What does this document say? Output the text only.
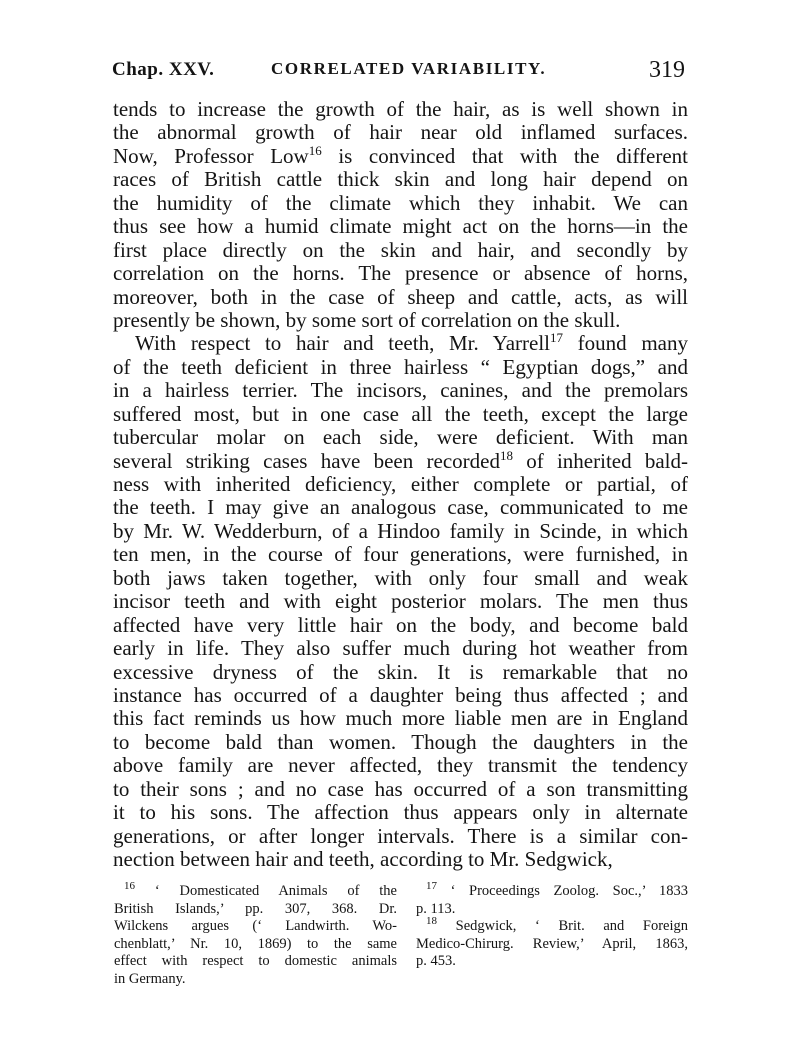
Chap. XXV.	CORRELATED VARIABILITY.	319
tends to increase the growth of the hair, as is well shown in
the abnormal growth of hair near old inflamed surfaces.
Now, Professor Low$^{16}$ is convinced that with the different
races of British cattle thick skin and long hair depend on
the humidity of the climate which they inhabit. We can
thus see how a humid climate might act on the horns—in the
first place directly on the skin and hair, and secondly by
correlation on the horns. The presence or absence of horns,
moreover, both in the case of sheep and cattle, acts, as will
presently be shown, by some sort of correlation on the skull.
With respect to hair and teeth, Mr. Yarrell$^{17}$ found many
of the teeth deficient in three hairless “ Egyptian dogs,” and
in a hairless terrier. The incisors, canines, and the premolars
suffered most, but in one case all the teeth, except the large
tubercular molar on each side, were deficient. With man
several striking cases have been recorded$^{18}$ of inherited bald-
ness with inherited deficiency, either complete or partial, of
the teeth. I may give an analogous case, communicated to me
by Mr. W. Wedderburn, of a Hindoo family in Scinde, in which
ten men, in the course of four generations, were furnished, in
both jaws taken together, with only four small and weak
incisor teeth and with eight posterior molars. The men thus
affected have very little hair on the body, and become bald
early in life. They also suffer much during hot weather from
excessive dryness of the skin. It is remarkable that no
instance has occurred of a daughter being thus affected ; and
this fact reminds us how much more liable men are in England
to become bald than women. Though the daughters in the
above family are never affected, they transmit the tendency
to their sons ; and no case has occurred of a son transmitting
it to his sons. The affection thus appears only in alternate
generations, or after longer intervals. There is a similar con-
nection between hair and teeth, according to Mr. Sedgwick,
$^{16}$ ‘ Domesticated Animals of the
British Islands,’ pp. 307, 368. Dr.
Wilckens argues (‘ Landwirth. Wo-
chenblatt,’ Nr. 10, 1869) to the same
effect with respect to domestic animals
in Germany.
$^{17}$ ‘ Proceedings Zoolog. Soc.,’ 1833
p. 113.
$^{18}$ Sedgwick, ‘ Brit. and Foreign
Medico-Chirurg. Review,’ April, 1863,
p. 453.
